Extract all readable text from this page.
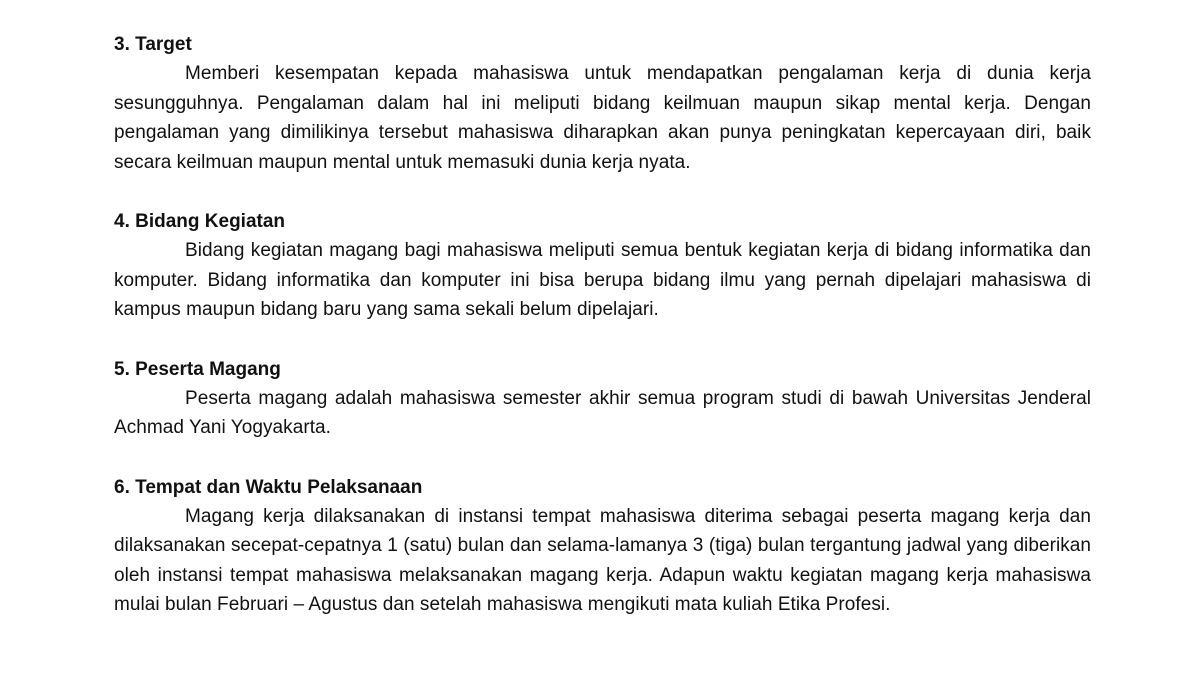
3. Target

Memberi kesempatan kepada mahasiswa untuk mendapatkan pengalaman kerja di dunia kerja sesungguhnya. Pengalaman dalam hal ini meliputi bidang keilmuan maupun sikap mental kerja. Dengan pengalaman yang dimilikinya tersebut mahasiswa diharapkan akan punya peningkatan kepercayaan diri, baik secara keilmuan maupun mental untuk memasuki dunia kerja nyata.

4. Bidang Kegiatan

Bidang kegiatan magang bagi mahasiswa meliputi semua bentuk kegiatan kerja di bidang informatika dan komputer. Bidang informatika dan komputer ini bisa berupa bidang ilmu yang pernah dipelajari mahasiswa di kampus maupun bidang baru yang sama sekali belum dipelajari.

5. Peserta Magang

Peserta magang adalah mahasiswa semester akhir semua program studi di bawah Universitas Jenderal Achmad Yani Yogyakarta.

6. Tempat dan Waktu Pelaksanaan

Magang kerja dilaksanakan di instansi tempat mahasiswa diterima sebagai peserta magang kerja dan dilaksanakan secepat-cepatnya 1 (satu) bulan dan selama-lamanya 3 (tiga) bulan tergantung jadwal yang diberikan oleh instansi tempat mahasiswa melaksanakan magang kerja. Adapun waktu kegiatan magang kerja mahasiswa mulai bulan Februari – Agustus dan setelah mahasiswa mengikuti mata kuliah Etika Profesi.
